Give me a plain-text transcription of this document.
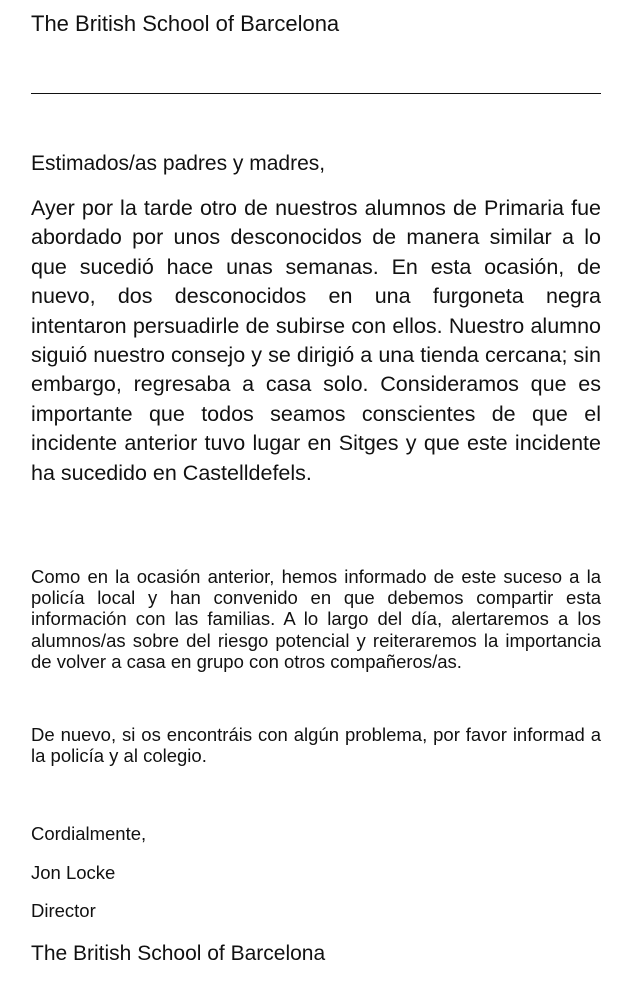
The British School of Barcelona
Estimados/as padres y madres,

Ayer por la tarde otro de nuestros alumnos de Primaria fue abordado por unos desconocidos de manera similar a lo que sucedió hace unas semanas. En esta ocasión, de nuevo, dos desconocidos en una furgoneta negra intentaron persuadirle de subirse con ellos. Nuestro alumno siguió nuestro consejo y se dirigió a una tienda cercana; sin embargo, regresaba a casa solo. Consideramos que es importante que todos seamos conscientes de que el incidente anterior tuvo lugar en Sitges y que este incidente ha sucedido en Castelldefels.

Como en la ocasión anterior, hemos informado de este suceso a la policía local y han convenido en que debemos compartir esta información con las familias. A lo largo del día, alertaremos a los alumnos/as sobre del riesgo potencial y reiteraremos la importancia de volver a casa en grupo con otros compañeros/as.

De nuevo, si os encontráis con algún problema, por favor informad a la policía y al colegio.

Cordialmente,
Jon Locke
Director
The British School of Barcelona
